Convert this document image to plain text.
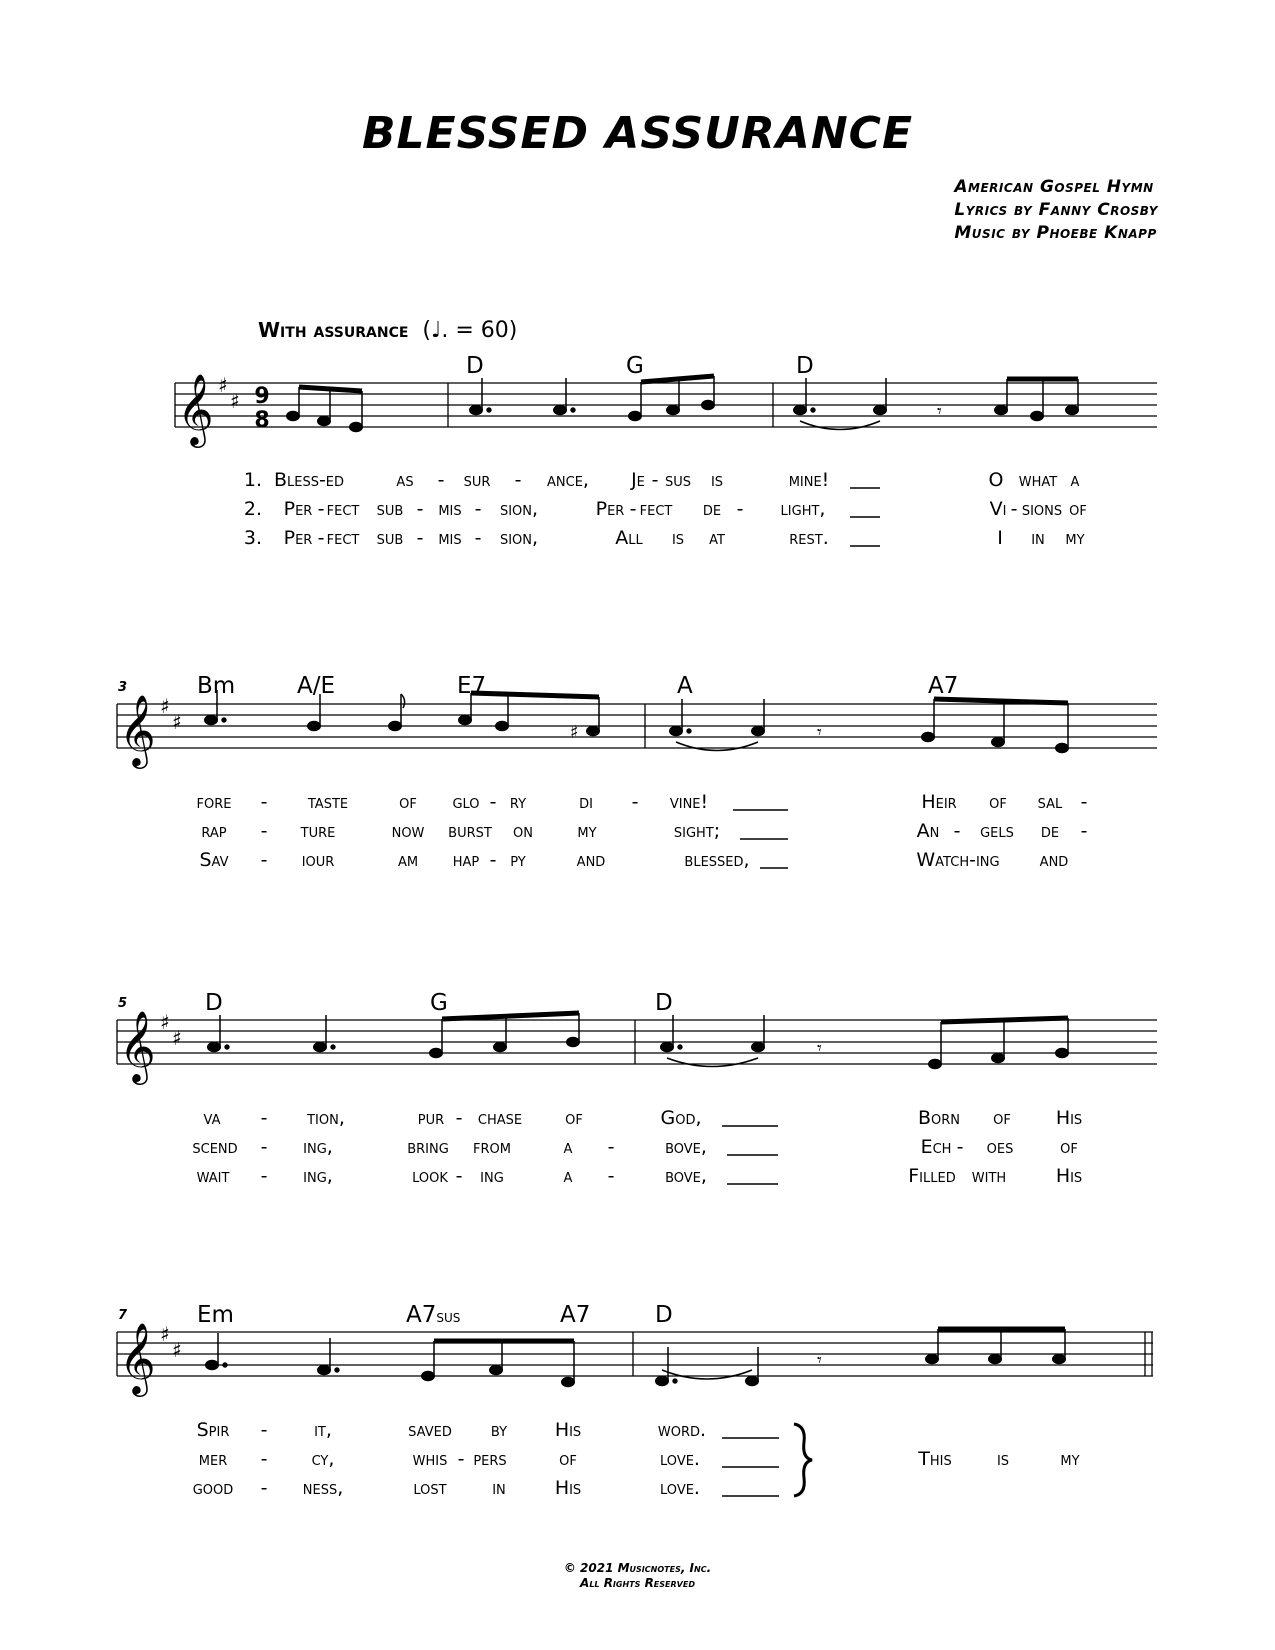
BLESSED ASSURANCE
American Gospel Hymn
Lyrics by Fanny Crosby
Music by Phoebe Knapp
With assurance (♩. = 60)
𝄞 ♯
♯ 9
8	𝄾
D	G	D
1. Bless-ed	as - sur - ance, Je - sus is	mine!	O what a
2. Per - fect sub - mis - sion,	Per - fect de - light,	Vi - sions of
3. Per - fect sub - mis - sion,	All is at	rest.	I in my
3
𝄞 ♯
♯	♯	𝄾
Bm	A/E	E7	A	A7
fore - taste	of glo - ry	di - vine!	Heir of sal -
rap - ture	now burst on my	sight;	An - gels de -
Sav - iour	am hap - py	and	blessed,	Watch-ing and
5
𝄞 ♯
♯	𝄾
D	G	D
va - tion,	pur - chase of	God,	Born of His
scend - ing,	bring from	a -	bove,	Ech - oes of
wait - ing,	look - ing	a -	bove,	Filled with	His
7
𝄞 ♯
♯	𝄾
Em	A7sus	A7	D
Spir - it,	saved by	His	word.
mer - cy,	whis - pers	of	love.
good - ness,	lost in	His	love.
This is	my
© 2021 Musicnotes, Inc.
All Rights Reserved
